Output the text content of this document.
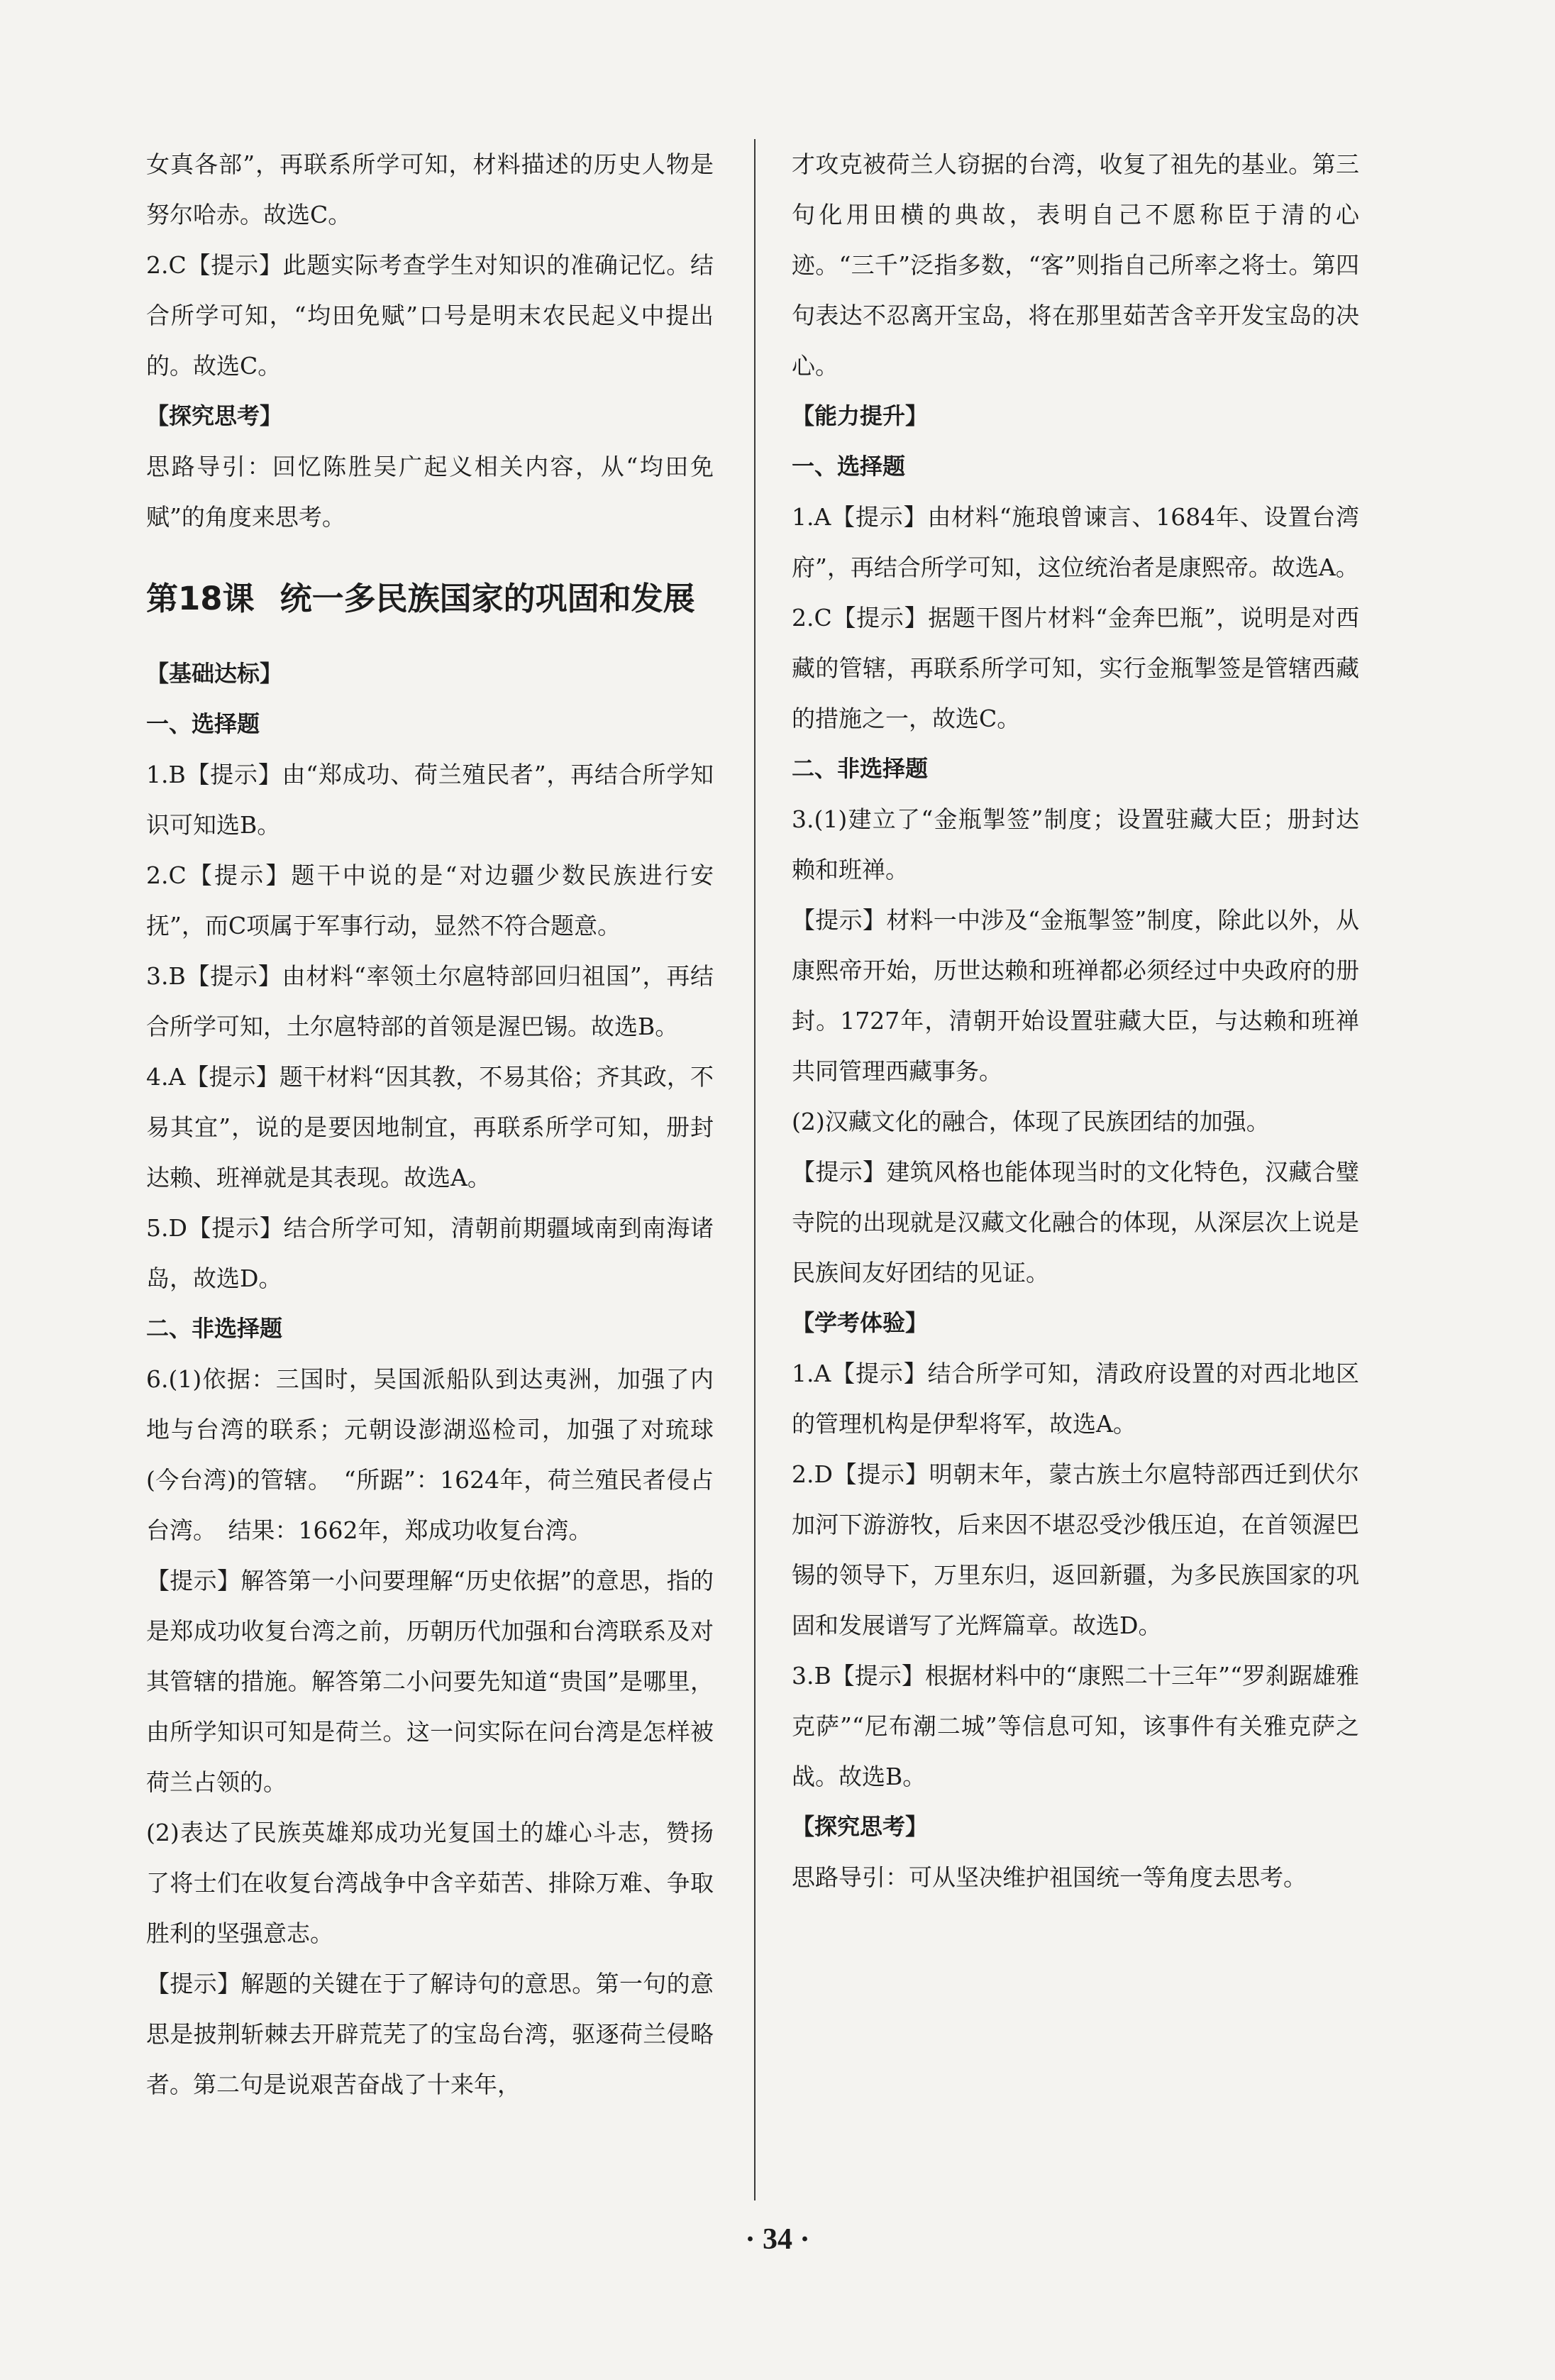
女真各部”，再联系所学可知，材料描述的历史人物是努尔哈赤。故选C。

2.C【提示】此题实际考查学生对知识的准确记忆。结合所学可知，“均田免赋”口号是明末农民起义中提出的。故选C。

【探究思考】

思路导引：回忆陈胜吴广起义相关内容，从“均田免赋”的角度来思考。

第18课 统一多民族国家的巩固和发展

【基础达标】

一、选择题

1.B【提示】由“郑成功、荷兰殖民者”，再结合所学知识可知选B。

2.C【提示】题干中说的是“对边疆少数民族进行安抚”，而C项属于军事行动，显然不符合题意。

3.B【提示】由材料“率领土尔扈特部回归祖国”，再结合所学可知，土尔扈特部的首领是渥巴锡。故选B。

4.A【提示】题干材料“因其教，不易其俗；齐其政，不易其宜”，说的是要因地制宜，再联系所学可知，册封达赖、班禅就是其表现。故选A。

5.D【提示】结合所学可知，清朝前期疆域南到南海诸岛，故选D。

二、非选择题

6.(1)依据：三国时，吴国派船队到达夷洲，加强了内地与台湾的联系；元朝设澎湖巡检司，加强了对琉球(今台湾)的管辖。　“所踞”：1624年，荷兰殖民者侵占台湾。　结果：1662年，郑成功收复台湾。

【提示】解答第一小问要理解“历史依据”的意思，指的是郑成功收复台湾之前，历朝历代加强和台湾联系及对其管辖的措施。解答第二小问要先知道“贵国”是哪里，由所学知识可知是荷兰。这一问实际在问台湾是怎样被荷兰占领的。

(2)表达了民族英雄郑成功光复国土的雄心斗志，赞扬了将士们在收复台湾战争中含辛茹苦、排除万难、争取胜利的坚强意志。

【提示】解题的关键在于了解诗句的意思。第一句的意思是披荆斩棘去开辟荒芜了的宝岛台湾，驱逐荷兰侵略者。第二句是说艰苦奋战了十来年，

才攻克被荷兰人窃据的台湾，收复了祖先的基业。第三句化用田横的典故，表明自己不愿称臣于清的心迹。“三千”泛指多数，“客”则指自己所率之将士。第四句表达不忍离开宝岛，将在那里茹苦含辛开发宝岛的决心。

【能力提升】

一、选择题

1.A【提示】由材料“施琅曾谏言、1684年、设置台湾府”，再结合所学可知，这位统治者是康熙帝。故选A。

2.C【提示】据题干图片材料“金奔巴瓶”，说明是对西藏的管辖，再联系所学可知，实行金瓶掣签是管辖西藏的措施之一，故选C。

二、非选择题

3.(1)建立了“金瓶掣签”制度；设置驻藏大臣；册封达赖和班禅。

【提示】材料一中涉及“金瓶掣签”制度，除此以外，从康熙帝开始，历世达赖和班禅都必须经过中央政府的册封。1727年，清朝开始设置驻藏大臣，与达赖和班禅共同管理西藏事务。

(2)汉藏文化的融合，体现了民族团结的加强。

【提示】建筑风格也能体现当时的文化特色，汉藏合璧寺院的出现就是汉藏文化融合的体现，从深层次上说是民族间友好团结的见证。

【学考体验】

1.A【提示】结合所学可知，清政府设置的对西北地区的管理机构是伊犁将军，故选A。

2.D【提示】明朝末年，蒙古族土尔扈特部西迁到伏尔加河下游游牧，后来因不堪忍受沙俄压迫，在首领渥巴锡的领导下，万里东归，返回新疆，为多民族国家的巩固和发展谱写了光辉篇章。故选D。

3.B【提示】根据材料中的“康熙二十三年”“罗刹踞雄雅克萨”“尼布潮二城”等信息可知，该事件有关雅克萨之战。故选B。

【探究思考】

思路导引：可从坚决维护祖国统一等角度去思考。

· 34 ·
